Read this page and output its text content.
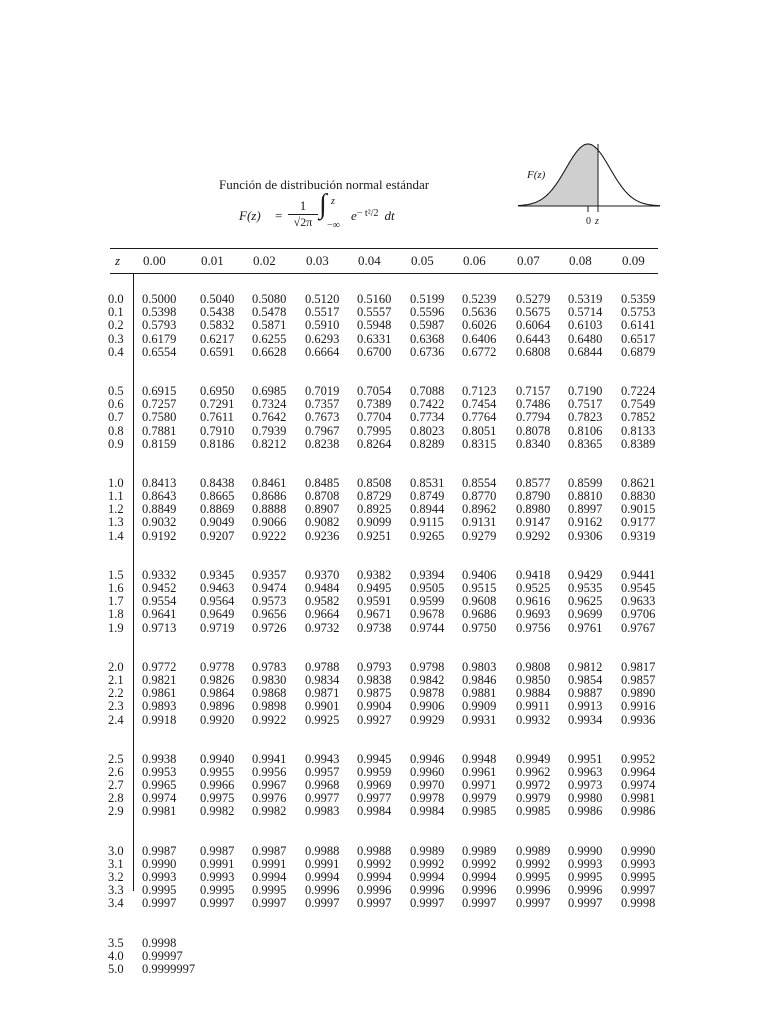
Función de distribución normal estándar
F(z) =
1
√2π
∫ z
−∞
$e^{- t^2/2}$ dt
F(z)
0 z
z 0.00	0.01 0.02 0.03 0.04 0.05 0.06 0.07 0.08 0.09
0.0
0.1
0.2
0.3
0.4
0.5
0.6
0.7
0.8
0.9
1.0
1.1
1.2
1.3
1.4
1.5
1.6
1.7
1.8
1.9
2.0
2.1
2.2
2.3
2.4
2.5
2.6
2.7
2.8
2.9
3.0
3.1
3.2
3.3
3.4
3.5
4.0
5.0
0.5000
0.5398
0.5793
0.6179
0.6554
0.6915
0.7257
0.7580
0.7881
0.8159
0.8413
0.8643
0.8849
0.9032
0.9192
0.9332
0.9452
0.9554
0.9641
0.9713
0.9772
0.9821
0.9861
0.9893
0.9918
0.9938
0.9953
0.9965
0.9974
0.9981
0.9987
0.9990
0.9993
0.9995
0.9997
0.9998
0.99997
0.9999997
0.5040
0.5438
0.5832
0.6217
0.6591
0.6950
0.7291
0.7611
0.7910
0.8186
0.8438
0.8665
0.8869
0.9049
0.9207
0.9345
0.9463
0.9564
0.9649
0.9719
0.9778
0.9826
0.9864
0.9896
0.9920
0.9940
0.9955
0.9966
0.9975
0.9982
0.9987
0.9991
0.9993
0.9995
0.9997
0.5080
0.5478
0.5871
0.6255
0.6628
0.6985
0.7324
0.7642
0.7939
0.8212
0.8461
0.8686
0.8888
0.9066
0.9222
0.9357
0.9474
0.9573
0.9656
0.9726
0.9783
0.9830
0.9868
0.9898
0.9922
0.9941
0.9956
0.9967
0.9976
0.9982
0.9987
0.9991
0.9994
0.9995
0.9997
0.5120
0.5517
0.5910
0.6293
0.6664
0.7019
0.7357
0.7673
0.7967
0.8238
0.8485
0.8708
0.8907
0.9082
0.9236
0.9370
0.9484
0.9582
0.9664
0.9732
0.9788
0.9834
0.9871
0.9901
0.9925
0.9943
0.9957
0.9968
0.9977
0.9983
0.9988
0.9991
0.9994
0.9996
0.9997
0.5160
0.5557
0.5948
0.6331
0.6700
0.7054
0.7389
0.7704
0.7995
0.8264
0.8508
0.8729
0.8925
0.9099
0.9251
0.9382
0.9495
0.9591
0.9671
0.9738
0.9793
0.9838
0.9875
0.9904
0.9927
0.9945
0.9959
0.9969
0.9977
0.9984
0.9988
0.9992
0.9994
0.9996
0.9997
0.5199
0.5596
0.5987
0.6368
0.6736
0.7088
0.7422
0.7734
0.8023
0.8289
0.8531
0.8749
0.8944
0.9115
0.9265
0.9394
0.9505
0.9599
0.9678
0.9744
0.9798
0.9842
0.9878
0.9906
0.9929
0.9946
0.9960
0.9970
0.9978
0.9984
0.9989
0.9992
0.9994
0.9996
0.9997
0.5239
0.5636
0.6026
0.6406
0.6772
0.7123
0.7454
0.7764
0.8051
0.8315
0.8554
0.8770
0.8962
0.9131
0.9279
0.9406
0.9515
0.9608
0.9686
0.9750
0.9803
0.9846
0.9881
0.9909
0.9931
0.9948
0.9961
0.9971
0.9979
0.9985
0.9989
0.9992
0.9994
0.9996
0.9997
0.5279
0.5675
0.6064
0.6443
0.6808
0.7157
0.7486
0.7794
0.8078
0.8340
0.8577
0.8790
0.8980
0.9147
0.9292
0.9418
0.9525
0.9616
0.9693
0.9756
0.9808
0.9850
0.9884
0.9911
0.9932
0.9949
0.9962
0.9972
0.9979
0.9985
0.9989
0.9992
0.9995
0.9996
0.9997
0.5319
0.5714
0.6103
0.6480
0.6844
0.7190
0.7517
0.7823
0.8106
0.8365
0.8599
0.8810
0.8997
0.9162
0.9306
0.9429
0.9535
0.9625
0.9699
0.9761
0.9812
0.9854
0.9887
0.9913
0.9934
0.9951
0.9963
0.9973
0.9980
0.9986
0.9990
0.9993
0.9995
0.9996
0.9997
0.5359
0.5753
0.6141
0.6517
0.6879
0.7224
0.7549
0.7852
0.8133
0.8389
0.8621
0.8830
0.9015
0.9177
0.9319
0.9441
0.9545
0.9633
0.9706
0.9767
0.9817
0.9857
0.9890
0.9916
0.9936
0.9952
0.9964
0.9974
0.9981
0.9986
0.9990
0.9993
0.9995
0.9997
0.9998
